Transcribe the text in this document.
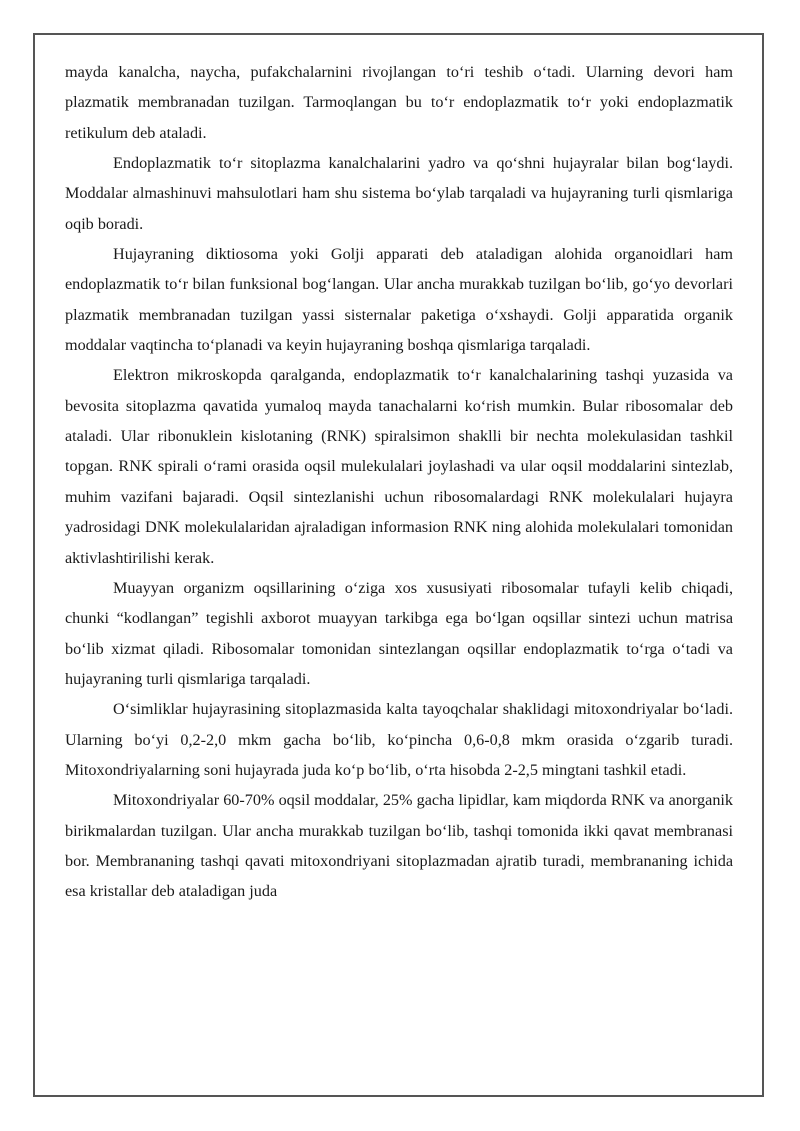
mayda kanalcha, naycha, pufakchalarnini rivojlangan to‘ri teshib o‘tadi. Ularning devori ham plazmatik membranadan tuzilgan. Tarmoqlangan bu to‘r endoplazmatik to‘r yoki endoplazmatik retikulum deb ataladi.

Endoplazmatik to‘r sitoplazma kanalchalarini yadro va qo‘shni hujayralar bilan bog‘laydi. Moddalar almashinuvi mahsulotlari ham shu sistema bo‘ylab tarqaladi va hujayraning turli qismlariga oqib boradi.

Hujayraning diktiosoma yoki Golji apparati deb ataladigan alohida organoidlari ham endoplazmatik to‘r bilan funksional bog‘langan. Ular ancha murakkab tuzilgan bo‘lib, go‘yo devorlari plazmatik membranadan tuzilgan yassi sisternalar paketiga o‘xshaydi. Golji apparatida organik moddalar vaqtincha to‘planadi va keyin hujayraning boshqa qismlariga tarqaladi.

Elektron mikroskopda qaralganda, endoplazmatik to‘r kanalchalarining tashqi yuzasida va bevosita sitoplazma qavatida yumaloq mayda tanachalarni ko‘rish mumkin. Bular ribosomalar deb ataladi. Ular ribonuklein kislotaning (RNK) spiralsimon shaklli bir nechta molekulasidan tashkil topgan. RNK spirali o‘rami orasida oqsil mulekulalari joylashadi va ular oqsil moddalarini sintezlab, muhim vazifani bajaradi. Oqsil sintezlanishi uchun ribosomalardagi RNK molekulalari hujayra yadrosidagi DNK molekulalaridan ajraladigan informasion RNK ning alohida molekulalari tomonidan aktivlashtirilishi kerak.

Muayyan organizm oqsillarining o‘ziga xos xususiyati ribosomalar tufayli kelib chiqadi, chunki “kodlangan” tegishli axborot muayyan tarkibga ega bo‘lgan oqsillar sintezi uchun matrisa bo‘lib xizmat qiladi. Ribosomalar tomonidan sintezlangan oqsillar endoplazmatik to‘rga o‘tadi va hujayraning turli qismlariga tarqaladi.

O‘simliklar hujayrasining sitoplazmasida kalta tayoqchalar shaklidagi mitoxondriyalar bo‘ladi. Ularning bo‘yi 0,2-2,0 mkm gacha bo‘lib, ko‘pincha 0,6-0,8 mkm orasida o‘zgarib turadi. Mitoxondriyalarning soni hujayrada juda ko‘p bo‘lib, o‘rta hisobda 2-2,5 mingtani tashkil etadi.

Mitoxondriyalar 60-70% oqsil moddalar, 25% gacha lipidlar, kam miqdorda RNK va anorganik birikmalardan tuzilgan. Ular ancha murakkab tuzilgan bo‘lib, tashqi tomonida ikki qavat membranasi bor. Membrananing tashqi qavati mitoxondriyani sitoplazmadan ajratib turadi, membrananing ichida esa kristallar deb ataladigan juda
